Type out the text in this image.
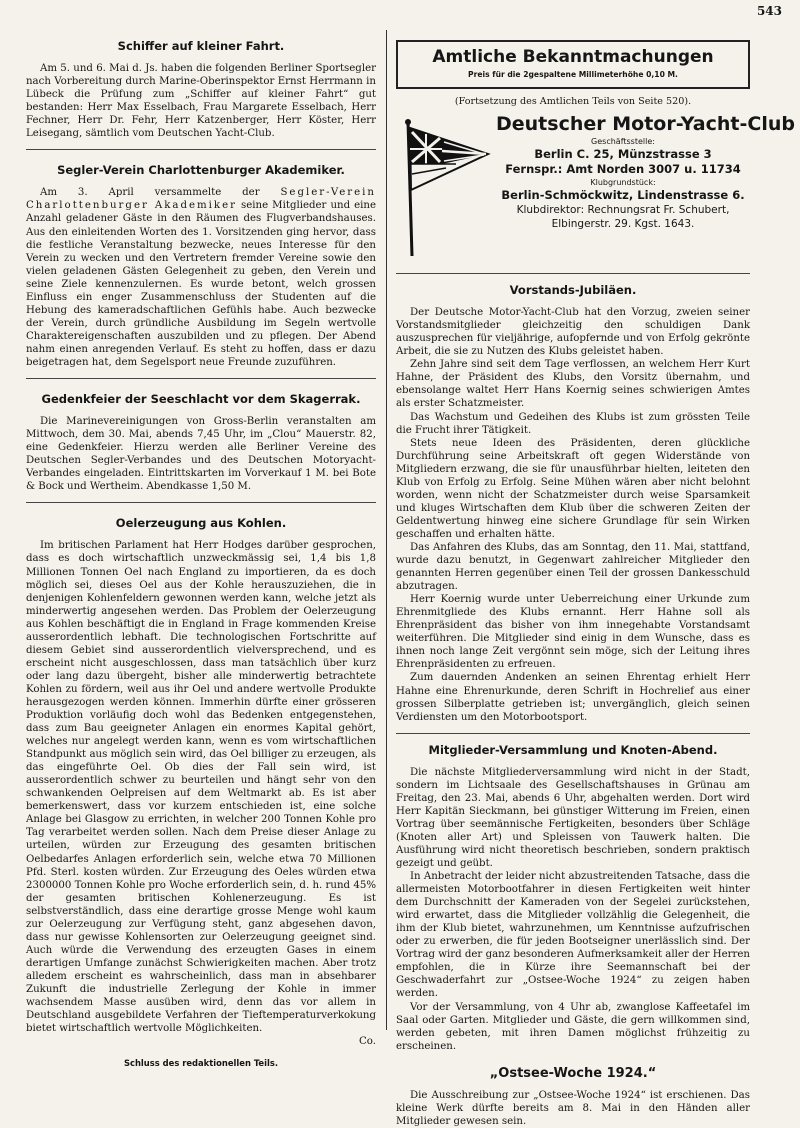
543
Schiffer auf kleiner Fahrt.

Am 5. und 6. Mai d. Js. haben die folgenden Berliner Sportsegler nach Vorbereitung durch Marine-Oberinspektor Ernst Herrmann in Lübeck die Prüfung zum „Schiffer auf kleiner Fahrt“ gut bestanden: Herr Max Esselbach, Frau Margarete Esselbach, Herr Fechner, Herr Dr. Fehr, Herr Katzenberger, Herr Köster, Herr Leisegang, sämtlich vom Deutschen Yacht-Club.

Segler-Verein Charlottenburger Akademiker.

Am 3. April versammelte der Segler-Verein Charlottenburger Akademiker seine Mitglieder und eine Anzahl geladener Gäste in den Räumen des Flugverbandshauses. Aus den einleitenden Worten des 1. Vorsitzenden ging hervor, dass die festliche Veranstaltung bezwecke, neues Interesse für den Verein zu wecken und den Vertretern fremder Vereine sowie den vielen geladenen Gästen Gelegenheit zu geben, den Verein und seine Ziele kennenzulernen. Es wurde betont, welch grossen Einfluss ein enger Zusammenschluss der Studenten auf die Hebung des kameradschaftlichen Gefühls habe. Auch bezwecke der Verein, durch gründliche Ausbildung im Segeln wertvolle Charaktereigenschaften auszubilden und zu pflegen. Der Abend nahm einen anregenden Verlauf. Es steht zu hoffen, dass er dazu beigetragen hat, dem Segelsport neue Freunde zuzuführen.

Gedenkfeier der Seeschlacht vor dem Skagerrak.

Die Marinevereinigungen von Gross-Berlin veranstalten am Mittwoch, dem 30. Mai, abends 7,45 Uhr, im „Clou“ Mauerstr. 82, eine Gedenkfeier. Hierzu werden alle Berliner Vereine des Deutschen Segler-Verbandes und des Deutschen Motoryacht-Verbandes eingeladen. Eintrittskarten im Vorverkauf 1 M. bei Bote & Bock und Wertheim. Abendkasse 1,50 M.

Oelerzeugung aus Kohlen.

Im britischen Parlament hat Herr Hodges darüber gesprochen, dass es doch wirtschaftlich unzweckmässig sei, 1,4 bis 1,8 Millionen Tonnen Oel nach England zu importieren, da es doch möglich sei, dieses Oel aus der Kohle herauszuziehen, die in denjenigen Kohlenfeldern gewonnen werden kann, welche jetzt als minderwertig angesehen werden. Das Problem der Oelerzeugung aus Kohlen beschäftigt die in England in Frage kommenden Kreise ausserordentlich lebhaft. Die technologischen Fortschritte auf diesem Gebiet sind ausserordentlich vielversprechend, und es erscheint nicht ausgeschlossen, dass man tatsächlich über kurz oder lang dazu übergeht, bisher alle minderwertig betrachtete Kohlen zu fördern, weil aus ihr Oel und andere wertvolle Produkte herausgezogen werden können. Immerhin dürfte einer grösseren Produktion vorläufig doch wohl das Bedenken entgegenstehen, dass zum Bau geeigneter Anlagen ein enormes Kapital gehört, welches nur angelegt werden kann, wenn es vom wirtschaftlichen Standpunkt aus möglich sein wird, das Oel billiger zu erzeugen, als das eingeführte Oel. Ob dies der Fall sein wird, ist ausserordentlich schwer zu beurteilen und hängt sehr von den schwankenden Oelpreisen auf dem Weltmarkt ab. Es ist aber bemerkenswert, dass vor kurzem entschieden ist, eine solche Anlage bei Glasgow zu errichten, in welcher 200 Tonnen Kohle pro Tag verarbeitet werden sollen. Nach dem Preise dieser Anlage zu urteilen, würden zur Erzeugung des gesamten britischen Oelbedarfes Anlagen erforderlich sein, welche etwa 70 Millionen Pfd. Sterl. kosten würden. Zur Erzeugung des Oeles würden etwa 2300000 Tonnen Kohle pro Woche erforderlich sein, d. h. rund 45% der gesamten britischen Kohlenerzeugung. Es ist selbstverständlich, dass eine derartige grosse Menge wohl kaum zur Oelerzeugung zur Verfügung steht, ganz abgesehen davon, dass nur gewisse Kohlensorten zur Oelerzeugung geeignet sind. Auch würde die Verwendung des erzeugten Gases in einem derartigen Umfange zunächst Schwierigkeiten machen. Aber trotz alledem erscheint es wahrscheinlich, dass man in absehbarer Zukunft die industrielle Zerlegung der Kohle in immer wachsendem Masse ausüben wird, denn das vor allem in Deutschland ausgebildete Verfahren der Tieftemperaturverkokung bietet wirtschaftlich wertvolle Möglichkeiten.

Co.
Schluss des redaktionellen Teils.
Amtliche Bekanntmachungen
Preis für die 2gespaltene Millimeterhöhe 0,10 M.
(Fortsetzung des Amtlichen Teils von Seite 520).
Deutscher Motor-Yacht-Club
Geschäftsstelle:
Berlin C. 25, Münzstrasse 3
Fernspr.: Amt Norden 3007 u. 11734
Klubgrundstück:
Berlin-Schmöckwitz, Lindenstrasse 6.
Klubdirektor: Rechnungsrat Fr. Schubert,
Elbingerstr. 29. Kgst. 1643.
Vorstands-Jubiläen.

Der Deutsche Motor-Yacht-Club hat den Vorzug, zweien seiner Vorstandsmitglieder gleichzeitig den schuldigen Dank auszusprechen für vieljährige, aufopfernde und von Erfolg gekrönte Arbeit, die sie zu Nutzen des Klubs geleistet haben.

Zehn Jahre sind seit dem Tage verflossen, an welchem Herr Kurt Hahne, der Präsident des Klubs, den Vorsitz übernahm, und ebensolange waltet Herr Hans Koernig seines schwierigen Amtes als erster Schatzmeister.

Das Wachstum und Gedeihen des Klubs ist zum grössten Teile die Frucht ihrer Tätigkeit.

Stets neue Ideen des Präsidenten, deren glückliche Durchführung seine Arbeitskraft oft gegen Widerstände von Mitgliedern erzwang, die sie für unausführbar hielten, leiteten den Klub von Erfolg zu Erfolg. Seine Mühen wären aber nicht belohnt worden, wenn nicht der Schatzmeister durch weise Sparsamkeit und kluges Wirtschaften dem Klub über die schweren Zeiten der Geldentwertung hinweg eine sichere Grundlage für sein Wirken geschaffen und erhalten hätte.

Das Anfahren des Klubs, das am Sonntag, den 11. Mai, stattfand, wurde dazu benutzt, in Gegenwart zahlreicher Mitglieder den genannten Herren gegenüber einen Teil der grossen Dankesschuld abzutragen.

Herr Koernig wurde unter Ueberreichung einer Urkunde zum Ehrenmitgliede des Klubs ernannt. Herr Hahne soll als Ehrenpräsident das bisher von ihm innegehabte Vorstandsamt weiterführen. Die Mitglieder sind einig in dem Wunsche, dass es ihnen noch lange Zeit vergönnt sein möge, sich der Leitung ihres Ehrenpräsidenten zu erfreuen.

Zum dauernden Andenken an seinen Ehrentag erhielt Herr Hahne eine Ehrenurkunde, deren Schrift in Hochrelief aus einer grossen Silberplatte getrieben ist; unvergänglich, gleich seinen Verdiensten um den Motorbootsport.

Mitglieder-Versammlung und Knoten-Abend.

Die nächste Mitgliederversammlung wird nicht in der Stadt, sondern im Lichtsaale des Gesellschaftshauses in Grünau am Freitag, den 23. Mai, abends 6 Uhr, abgehalten werden. Dort wird Herr Kapitän Sieckmann, bei günstiger Witterung im Freien, einen Vortrag über seemännische Fertigkeiten, besonders über Schläge (Knoten aller Art) und Spleissen von Tauwerk halten. Die Ausführung wird nicht theoretisch beschrieben, sondern praktisch gezeigt und geübt.

In Anbetracht der leider nicht abzustreitenden Tatsache, dass die allermeisten Motorbootfahrer in diesen Fertigkeiten weit hinter dem Durchschnitt der Kameraden von der Segelei zurückstehen, wird erwartet, dass die Mitglieder vollzählig die Gelegenheit, die ihm der Klub bietet, wahrzunehmen, um Kenntnisse aufzufrischen oder zu erwerben, die für jeden Bootseigner unerlässlich sind. Der Vortrag wird der ganz besonderen Aufmerksamkeit aller der Herren empfohlen, die in Kürze ihre Seemannschaft bei der Geschwaderfahrt zur „Ostsee-Woche 1924“ zu zeigen haben werden.

Vor der Versammlung, von 4 Uhr ab, zwanglose Kaffeetafel im Saal oder Garten. Mitglieder und Gäste, die gern willkommen sind, werden gebeten, mit ihren Damen möglichst frühzeitig zu erscheinen.

„Ostsee-Woche 1924.“

Die Ausschreibung zur „Ostsee-Woche 1924“ ist erschienen. Das kleine Werk dürfte bereits am 8. Mai in den Händen aller Mitglieder gewesen sein.
